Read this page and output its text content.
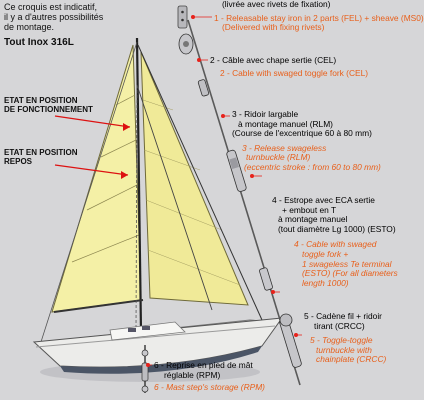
Ce croquis est indicatif,
il y a d'autres possibilités
de montage.
Tout Inox 316L
ETAT EN POSITION
DE FONCTIONNEMENT
ETAT EN POSITION
REPOS
(livrée avec rivets de fixation)
1 - Releasable stay iron in 2 parts (FEL) + sheave (MS0)
(Delivered with fixing rivets)
2 - Câble avec chape sertie (CEL)
2 - Cable with swaged toggle fork (CEL)
3 - Ridoir largable
à montage manuel (RLM)
(Course de l'excentrique 60 à 80 mm)
3 - Release swageless
turnbuckle (RLM)
(eccentric stroke : from 60 to 80 mm)
4 - Estrope avec ECA sertie
+ embout en T
à montage manuel
(tout diamètre Lg 1000) (ESTO)
4 - Cable with swaged
toggle fork +
1 swageless Te terminal
(ESTO) (For all diameters
length 1000)
5 - Cadène fil + ridoir
tirant (CRCC)
5 - Toggle-toggle
turnbuckle with
chainplate (CRCC)
6 - Reprise en pied de mât
réglable (RPM)
6 - Mast step's storage (RPM)
